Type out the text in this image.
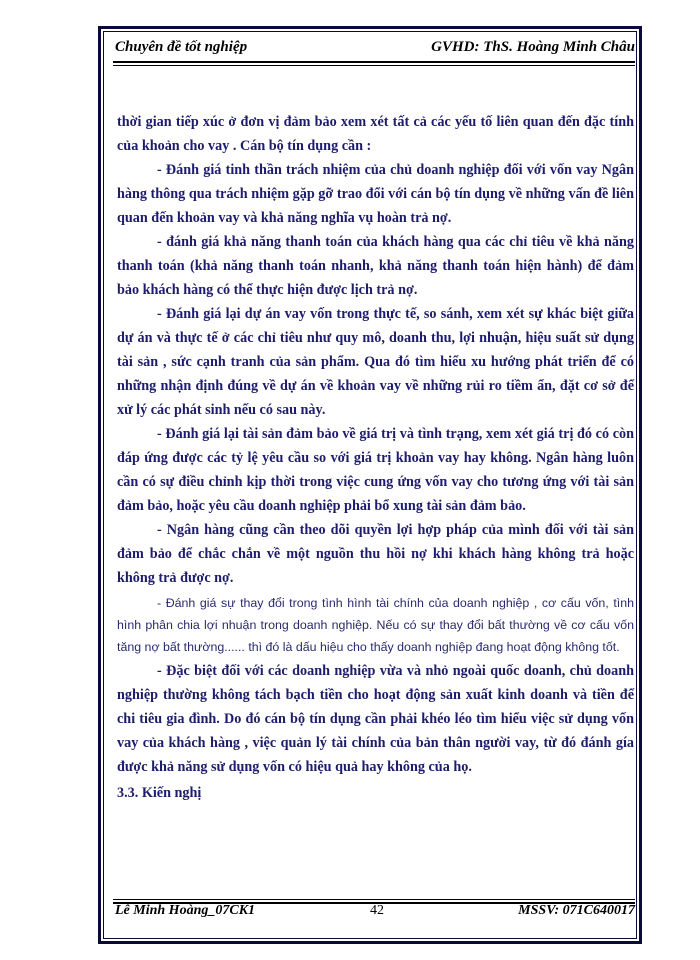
Chuyên đề tốt nghiệp	GVHD: ThS. Hoàng Minh Châu

thời gian tiếp xúc ở đơn vị đảm bảo xem xét tất cả các yếu tố liên quan đến đặc tính của khoản cho vay . Cán bộ tín dụng cần :

- Đánh giá tinh thần trách nhiệm của chủ doanh nghiệp đối với vốn vay Ngân hàng thông qua trách nhiệm gặp gỡ trao đổi với cán bộ tín dụng về những vấn đề liên quan đến khoản vay và khả năng nghĩa vụ hoàn trả nợ.

- đánh giá khả năng thanh toán của khách hàng qua các chỉ tiêu về khả năng thanh toán (khả năng thanh toán nhanh, khả năng thanh toán hiện hành) để đảm bảo khách hàng có thể thực hiện được lịch trả nợ.

- Đánh giá lại dự án vay vốn trong thực tế, so sánh, xem xét sự khác biệt giữa dự án và thực tế ở các chỉ tiêu như quy mô, doanh thu, lợi nhuận, hiệu suất sử dụng tài sản , sức cạnh tranh của sản phẩm. Qua đó tìm hiểu xu hướng phát triển để có những nhận định đúng về dự án về khoản vay về những rủi ro tiềm ẩn, đặt cơ sở để xử lý các phát sinh nếu có sau này.

- Đánh giá lại tài sản đảm bảo về giá trị và tình trạng, xem xét giá trị đó có còn đáp ứng được các tỷ lệ yêu cầu so với giá trị khoản vay hay không. Ngân hàng luôn cần có sự điều chỉnh kịp thời trong việc cung ứng vốn vay cho tương ứng với tài sản đảm bảo, hoặc yêu cầu doanh nghiệp phải bổ xung tài sản đảm bảo.

- Ngân hàng cũng cần theo dõi quyền lợi hợp pháp của mình đối với tài sản đảm bảo để chắc chắn về một nguồn thu hồi nợ khi khách hàng không trả hoặc không trả được nợ.

- Đánh giá sự thay đổi trong tình hình tài chính của doanh nghiệp , cơ cấu vốn, tình hình phân chia lợi nhuận trong doanh nghiệp. Nếu có sự thay đổi bất thường về cơ cấu vốn tăng nợ bất thường...... thì đó là dấu hiệu cho thấy doanh nghiệp đang hoạt động không tốt.

- Đặc biệt đối với các doanh nghiệp vừa và nhỏ ngoài quốc doanh, chủ doanh nghiệp thường không tách bạch tiền cho hoạt động sản xuất kinh doanh và tiền để chi tiêu gia đình. Do đó cán bộ tín dụng cần phải khéo léo tìm hiểu việc sử dụng vốn vay của khách hàng , việc quản lý tài chính của bản thân người vay, từ đó đánh gía được khả năng sử dụng vốn có hiệu quả hay không của họ.

3.3. Kiến nghị

Lê Minh Hoàng_07CK1	42	MSSV: 071C640017
